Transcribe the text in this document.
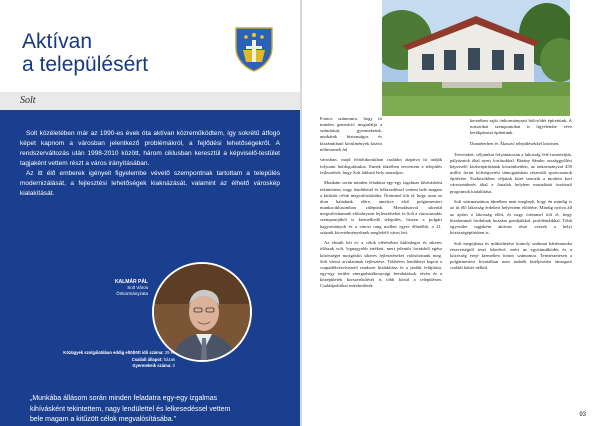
Aktívan
a településért
Solt

Solt közéletében már az 1990-es évek óta aktívan közreműködtem, így sokrétű átfogó képet kapnom a városban jelentkező problémákról, a fejlődési lehetőségekről. A rendszerváltozás után 1998-2010 között, három ciklusban keresztül a képviselő-testület tagjaként vettem részt a város irányításában.

Az itt élő emberek igényeit figyelembe vévető szempontnak tartottam a település modernizálását, a fejlesztési lehetőségek kiaknázását, valamint az élhető városkép kialakítását.

KALMÁR PÁL
Solt Város
Önkormányzata
Közügyek szolgálatában eddig eltöltött idő száma: 29 év
Családi állapot: házas
Gyermekeik száma: 2
„Munkába állásom során minden feladatra egy-egy izgalmas kihívásként tekintettem, nagy lendülettel és lelkesedéssel vettem bele magam a kitűzött célok megvalósításába.”

Fontos számomra, hogy itt minden generáció megtalálja a számítását, gyermekeink, unokáink biztonságos és kiszámítható körülmények között nőhessenek fel

városban, majd felnőttkorukban családot alapítva itt tudják folytatni boldogulásukat. Ennek tükrében terveztem a település fejlesztését, hogy Solt lakható hely maradjon.

Munkám során minden feladatra egy-egy izgalmas kihívásként tekintettem, nagy lendülettel és lelkesedéssel vettem bele magam a kitűzött célok megvalósításába. Örömmel tölt el, hogy azon az úton haladunk előre, amelyre első polgármesteri munkaciklusomban rálépünk. Meradásaival sikerült megvalósítanunk előirányzott fejlesztéseket és Solt a városiasodás szempontjából is kiemelkedő település, hiszen a polgári hagyományok és a városi rang mellett egyre élhetőbb, a 21. századi követelményeknek megfelelő város lett.

Az elmúlt két év a célok elérésében különleges és sikeres időszak volt, legnagyobb értékeit, mert jelentős forrásból egész közösséget mozgósító sikeres fejlesztéseket valósítottunk meg. Solt városi arculatának fejlesztése. Többéves lendületet kapott a csapadékvízelvezető rendszer kialakítása és a járdák felújítása, egy-egy terület energiahatékonysági beruházások révén és a középületek korszerűsítését is több közül a településen. Családpolitikai intézkedések

keretében saját önkormányzati bölcsődét építettünk. A turisztikai szempontokat is figyelembe véve kerékpárutat építettünk.

Dunaéterben és Ákasztó településekkel közösen.

Terveinket, céljainkat folyamatosan a lakosság felé ismertetjük, pályázatok által nyert forrásokkal. Bárány Sándor országgyűlési képviselő közbenjárásának köszönhetően, az önkormányzat 450 millió forint költségvetési támogatásban részesült sportcsarnok építésére. Eszközökben céljaink közé tartozik a modern kori városrendezés által a fiatalok helyben maradását ösztönző programok kialakítása.

Solt szármaszánon tűnrében nem meglepő, hogy én mindig is az itt élő lakosság érdekeit helyeztem előtérbe. Mindig nyitva áll az ajtóm a lakosság előtt, és nagy örömmel tölt el, hogy bizalommal fordulnak hozzám gondjaikkal, problémáikkal. Több egyesület tagjaként aktívan részt veszek a helyi közösségépítésben is.

Solt megújítása és működtetése komoly szakmai háttérmunka részvetségtől teszi lehetővé, ezért az együttműködés és a közösség ereje kiemelten fontos számomra. Természetesen a polgármesteri hivatalban nem tudnék kiteljesedni támogató családi háttér nélkül.

93
